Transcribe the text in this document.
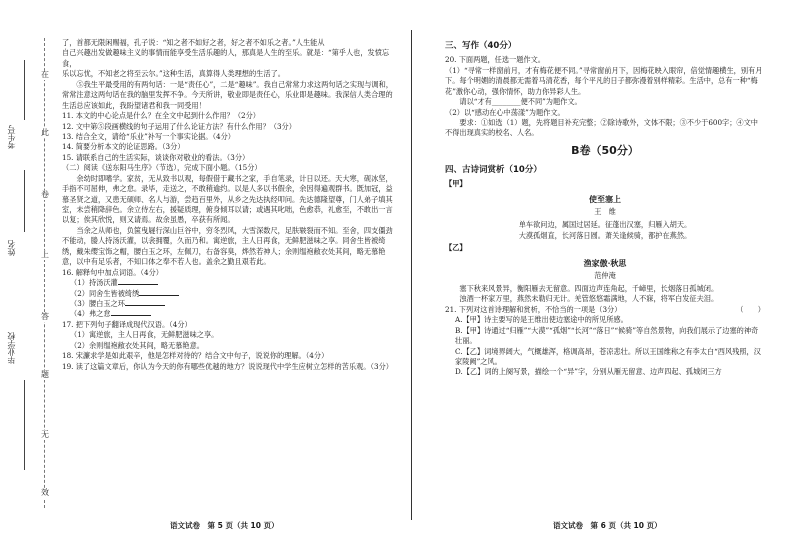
在
此
卷
上
答
题
无
效
考生号
姓名
毕业学校

了，首都无限闲赐福，孔子说：“知之者不如好之者，好之者不如乐之者。”人生能从

自己兴趣出发做趣味主义的事情而能享受生活乐趣的人，那真是人生的至乐。就是：“第乎人也，发愤忘食，

乐以忘忧，不知老之将至云尔。”这种生活，真算得人类理想的生活了。

⑤我生平最受用的有两句话：一是“责任心”，二是“趣味”。我自己常常力求这两句话之实现与调和，常常注意这两句话在我的脑里发挥不争。今天所讲，敬业即是责任心，乐业即是趣味。我深信人类合理的生活总应该如此，我盼望诸君和我一同受用！

11. 本文的中心论点是什么？在全文中起到什么作用？（2分）

12. 文中第⑤段画横线的句子运用了什么论证方法？有什么作用？（3分）

13. 结合全文，请给“乐业”补写一个事实论据。（4分）

14. 简要分析本文的论证思路。（3分）

15. 请联系自己的生活实际，谈谈你对敬业的看法。（3分）

（二）阅读《送东阳马生序》（节选），完成下面小题。（15分）

余幼时即嗜学。家贫，无从致书以观，每假借于藏书之家，手自笔录，计日以还。天大寒，砚冰坚，手指不可屈伸，弗之怠。录毕，走送之，不敢稍逾约。以是人多以书假余，余因得遍观群书。既加冠，益慕圣贤之道，又患无硕师、名人与游，尝趋百里外，从乡之先达执经叩问。先达德隆望尊，门人弟子填其室，未尝稍降辞色。余立侍左右，援疑质理，俯身倾耳以请；或遇其叱咄，色愈恭，礼愈至，不敢出一言以复；俟其欣悦，则又请焉。故余虽愚，卒获有所闻。

当余之从师也，负箧曳屣行深山巨谷中，穷冬烈风，大雪深数尺，足肤皲裂而不知。至舍，四支僵劲不能动，媵人持汤沃灌，以衾拥覆，久而乃和。寓逆旅，主人日再食，无鲜肥滋味之享。同舍生皆被绮绣，戴朱缨宝饰之帽，腰白玉之环，左佩刀，右备容臭，烨然若神人；余则缊袍敝衣处其间，略无慕艳意，以中有足乐者，不知口体之奉不若人也。盖余之勤且艰若此。

16. 解释句中加点词语。（4分）

（1）持汤沃灌

（2）同舍生皆被绮绣

（3）腰白玉之环

（4）弗之怠

17. 把下列句子翻译成现代汉语。（4分）

（1）寓逆旅，主人日再食，无鲜肥滋味之享。

（2）余则缊袍敝衣处其间，略无慕艳意。

18. 宋濂求学是如此艰辛，他是怎样对待的？结合文中句子，说说你的理解。（4分）

19. 读了这篇文章后，你认为今天的你有哪些优越的地方？说说现代中学生应树立怎样的苦乐观。（3分）

语文试卷　第 5 页（共 10 页）

三、写作（40分）

20. 下面两题，任选一题作文。

（1）“寻常一样窗前月，才有梅花便不同。”寻常窗前月下，因梅花映入眼帘，倍觉情趣横生，别有月下。每个明媚的清晨都无需着马清花香，每个平凡的日子都弥漫着别样精彩。生活中，总有一种“梅花”激你心动，强你情怀，助力你异彩人生。

请以“才有________便不同”为题作文。

（2）以“感动在心中荡漾”为题作文。

要求：①如选（1）题，先将题目补充完整；②除诗歌外，文体不限；③不少于600字；④文中不得出现真实的校名、人名。

B卷（50分）

四、古诗词赏析（10分）

【甲】

使至塞上

王　维

单车欲问边，属国过居延。征蓬出汉塞，归雁入胡天。

大漠孤烟直，长河落日圆。萧关逢候骑，都护在燕然。

【乙】

渔家傲·秋思

范仲淹

塞下秋来风景异，衡阳雁去无留意。四面边声连角起，千嶂里，长烟落日孤城闭。

浊酒一杯家万里，燕然未勒归无计。羌管悠悠霜满地，人不寐，将军白发征夫泪。

21. 下列对这首诗理解和赏析，不恰当的一项是（3分）	（　　）

A.【甲】诗主要写的是王维出使边塞途中的所见所感。

B.【甲】诗通过“归雁”“大漠”“孤烟”“长河”“落日”“候骑”等自然景物，向我们展示了边塞的神奇壮丽。

C.【乙】词境界阔大，气概雄浑，格调高昂，苍凉悲壮。所以王国维称之有李太白“西风残照，汉家陵阙”之风。

D.【乙】词的上阕写景，描绘一个“异”字，分别从雁无留意、边声四起、孤城闭三方

语文试卷　第 6 页（共 10 页）
